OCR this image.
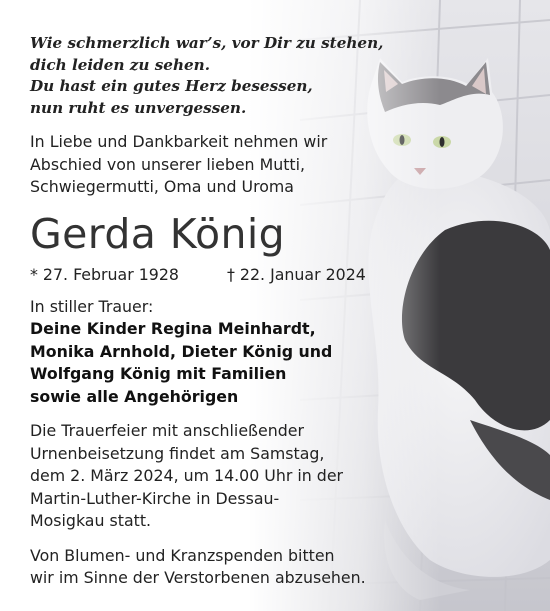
Wie schmerzlich war’s, vor Dir zu stehen,
dich leiden zu sehen.
Du hast ein gutes Herz besessen,
nun ruht es unvergessen.

In Liebe und Dankbarkeit nehmen wir
Abschied von unserer lieben Mutti,
Schwiegermutti, Oma und Uroma
Gerda König
* 27. Februar 1928	† 22. Januar 2024
In stiller Trauer:
Deine Kinder Regina Meinhardt,
Monika Arnhold, Dieter König und
Wolfgang König mit Familien
sowie alle Angehörigen
Die Trauerfeier mit anschließender
Urnenbeisetzung findet am Samstag,
dem 2. März 2024, um 14.00 Uhr in der
Martin-Luther-Kirche in Dessau-
Mosigkau statt.
Von Blumen- und Kranzspenden bitten
wir im Sinne der Verstorbenen abzusehen.
